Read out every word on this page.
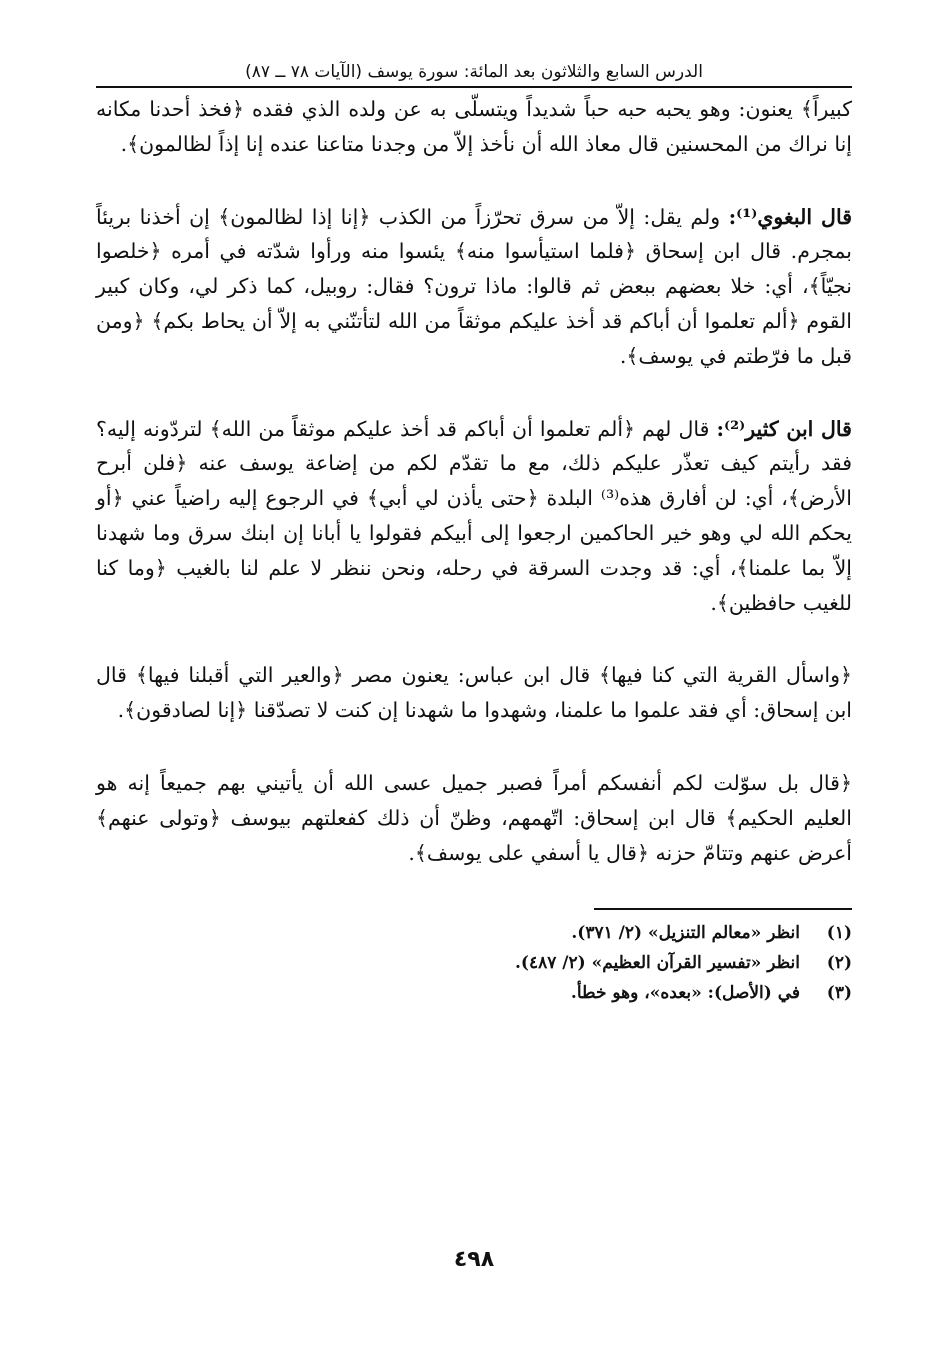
الدرس السابع والثلاثون بعد المائة: سورة يوسف (الآيات ٧٨ ــ ٨٧)

كبيراً﴾ يعنون: وهو يحبه حبه حباً شديداً ويتسلّى به عن ولده الذي فقده ﴿فخذ أحدنا مكانه إنا نراك من المحسنين قال معاذ الله أن نأخذ إلاّ من وجدنا متاعنا عنده إنا إذاً لظالمون﴾.

قال البغوي⁽¹⁾: ولم يقل: إلاّ من سرق تحرّزاً من الكذب ﴿إنا إذا لظالمون﴾ إن أخذنا بريئاً بمجرم. قال ابن إسحاق ﴿فلما استيأسوا منه﴾ يئسوا منه ورأوا شدّته في أمره ﴿خلصوا نجيّاً﴾، أي: خلا بعضهم ببعض ثم قالوا: ماذا ترون؟ فقال: روبيل، كما ذكر لي، وكان كبير القوم ﴿ألم تعلموا أن أباكم قد أخذ عليكم موثقاً من الله لتأتنّني به إلاّ أن يحاط بكم﴾ ﴿ومن قبل ما فرّطتم في يوسف﴾.

قال ابن كثير⁽²⁾: قال لهم ﴿ألم تعلموا أن أباكم قد أخذ عليكم موثقاً من الله﴾ لتردّونه إليه؟ فقد رأيتم كيف تعذّر عليكم ذلك، مع ما تقدّم لكم من إضاعة يوسف عنه ﴿فلن أبرح الأرض﴾، أي: لن أفارق هذه⁽³⁾ البلدة ﴿حتى يأذن لي أبي﴾ في الرجوع إليه راضياً عني ﴿أو يحكم الله لي وهو خير الحاكمين ارجعوا إلى أبيكم فقولوا يا أبانا إن ابنك سرق وما شهدنا إلاّ بما علمنا﴾، أي: قد وجدت السرقة في رحله، ونحن ننظر لا علم لنا بالغيب ﴿وما كنا للغيب حافظين﴾.

﴿واسأل القرية التي كنا فيها﴾ قال ابن عباس: يعنون مصر ﴿والعير التي أقبلنا فيها﴾ قال ابن إسحاق: أي فقد علموا ما علمنا، وشهدوا ما شهدنا إن كنت لا تصدّقنا ﴿إنا لصادقون﴾.

﴿قال بل سوّلت لكم أنفسكم أمراً فصبر جميل عسى الله أن يأتيني بهم جميعاً إنه هو العليم الحكيم﴾ قال ابن إسحاق: اتّهمهم، وظنّ أن ذلك كفعلتهم بيوسف ﴿وتولى عنهم﴾ أعرض عنهم وتتامّ حزنه ﴿قال يا أسفي على يوسف﴾.

(١)انظر «معالم التنزيل» (٢/ ٣٧١).
(٢)انظر «تفسير القرآن العظيم» (٢/ ٤٨٧).
(٣)في (الأصل): «بعده»، وهو خطأ.
٤٩٨
